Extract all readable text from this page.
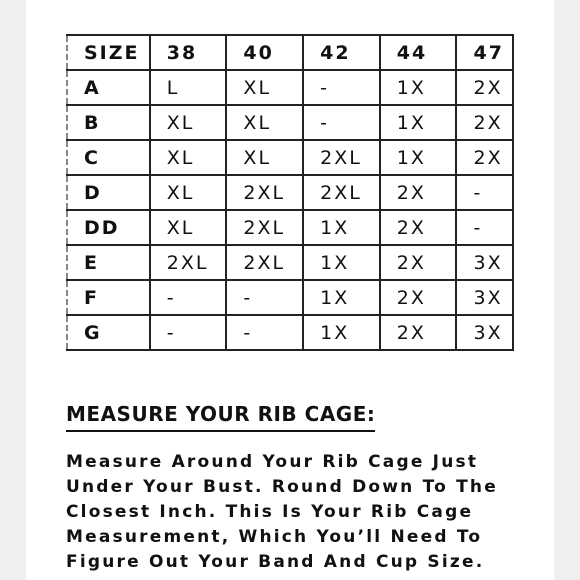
SIZE	38	40	42	44	47
A	L	XL	-	1X	2X
B	XL	XL	-	1X	2X
C	XL	XL	2XL	1X	2X
D	XL	2XL	2XL	2X	-
DD	XL	2XL	1X	2X	-
E	2XL	2XL	1X	2X	3X
F	-	-	1X	2X	3X
G	-	-	1X	2X	3X
MEASURE YOUR RIB CAGE:

Measure Around Your Rib Cage Just Under Your Bust. Round Down To The Closest Inch. This Is Your Rib Cage Measurement, Which You’ll Need To Figure Out Your Band And Cup Size.
